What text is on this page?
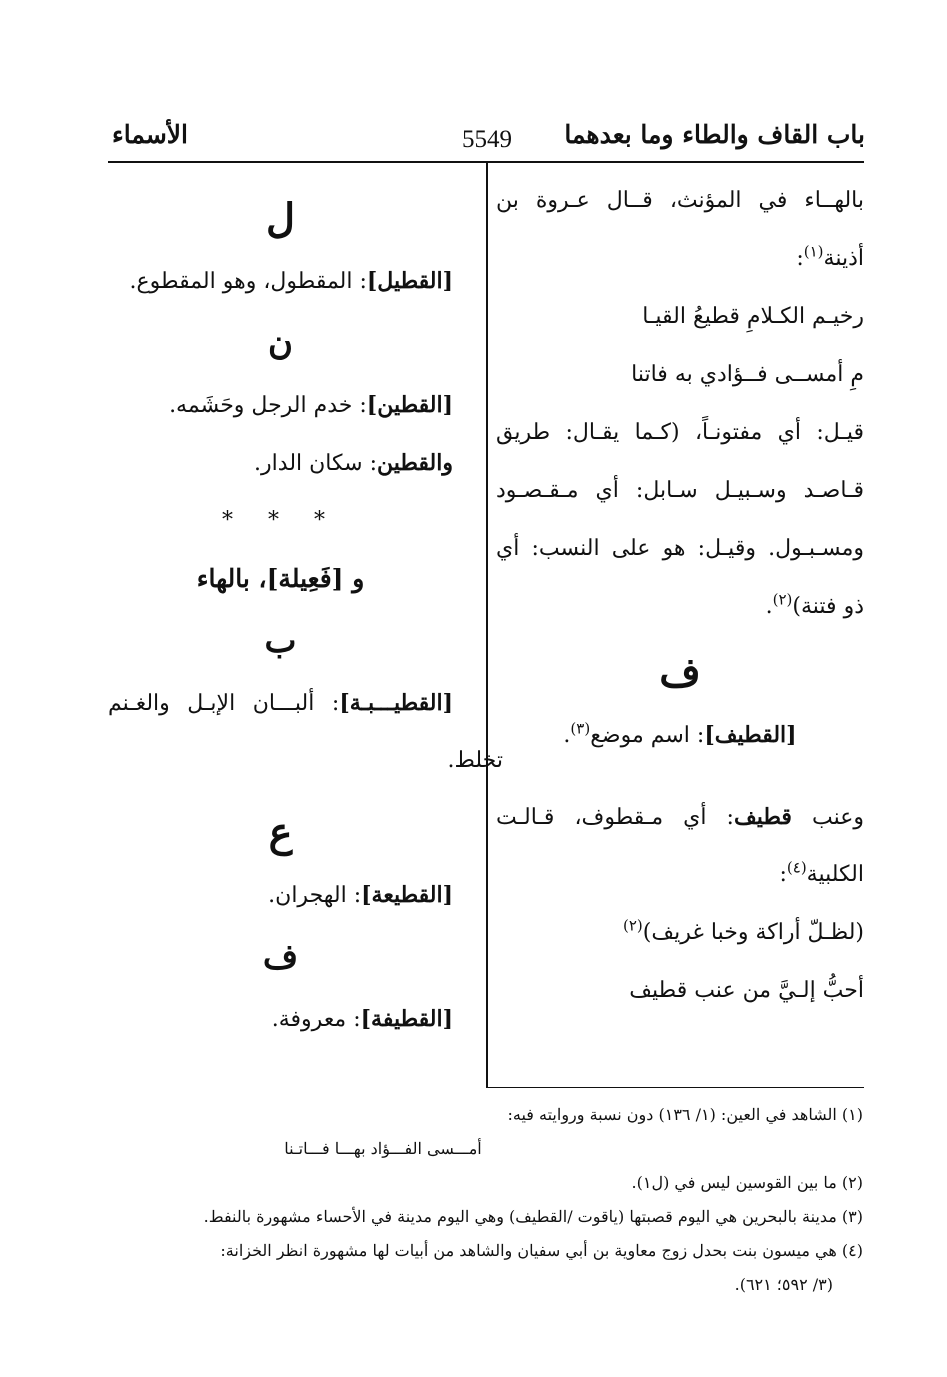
باب القاف والطاء وما بعدهما
5549
الأسماء
بالهــاء في المؤنث، قــال عـروة بن
أذينة$^{(١)}$:
رخيـم الكـلامِ قطيعُ القيـا
مِ أمســى فــؤادي به فاتنا
قيـل: أي مفتونـاً، (كـما يقـال: طريق
قـاصـد وسـبيـل سـابل: أي مـقـصـود
ومسـبـول. وقيـل: هو على النسب: أي
ذو فتنة)$^{(٢)}$.
ف
[القطيف]: اسم موضع$^{(٣)}$.
وعنب قطيف: أي مـقطوف، قـالـت
الكلبية$^{(٤)}$:
(لظـلّ أراكة وخبا غريف)$^{(٢)}$
أحبُّ إلـيَّ من عنب قطيف
ل
[القطيل]: المقطول، وهو المقطوع.
ن
[القطين]: خدم الرجل وحَشَمه.
والقطين: سكان الدار.
* * *
و [فَعِيلة]، بالهاء
ب
[القطيـــبـة]: ألبـــان الإبـل والغـنم
تخلط.
ع
[القطيعة]: الهجران.
ف
[القطيفة]: معروفة.
(١) الشاهد في العين: (١/ ١٣٦) دون نسبة وروايته فيه:
أمـــسى الفـــؤاد بهـــا فـــاتـنا
(٢) ما بين القوسين ليس في (ل١).
(٣) مدينة بالبحرين هي اليوم قصبتها (ياقوت /القطيف) وهي اليوم مدينة في الأحساء مشهورة بالنفط.
(٤) هي ميسون بنت بحدل زوج معاوية بن أبي سفيان والشاهد من أبيات لها مشهورة انظر الخزانة:
(٣/ ٥٩٢؛ ٦٢١).
